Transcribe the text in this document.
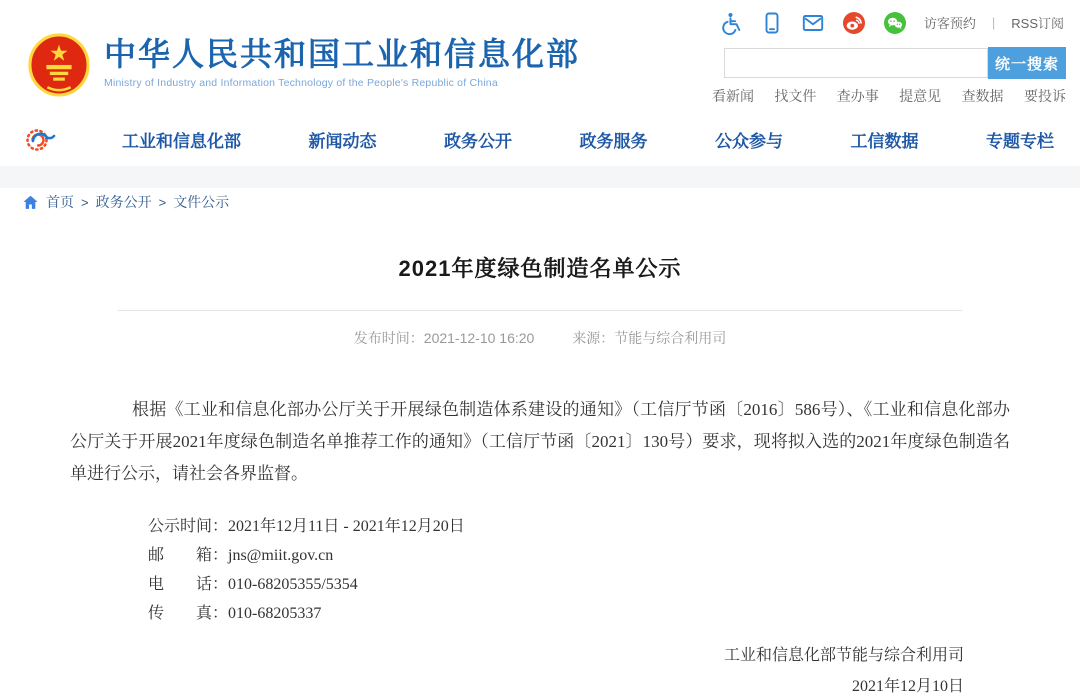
访客预约 | RSS订阅
中华人民共和国工业和信息化部
Ministry of Industry and Information Technology of the People's Republic of China
统一搜索
看新闻 找文件 查办事 提意见 查数据 要投诉
工业和信息化部	新闻动态	政务公开	政务服务	公众参与	工信数据	专题专栏
首页 > 政务公开 > 文件公示
2021年度绿色制造名单公示
发布时间：2021-12-10 16:20	来源：节能与综合利用司
根据《工业和信息化部办公厅关于开展绿色制造体系建设的通知》（工信厅节函〔2016〕586号）、《工业和信息化部办公厅关于开展2021年度绿色制造名单推荐工作的通知》（工信厅节函〔2021〕130号）要求，现将拟入选的2021年度绿色制造名单进行公示，请社会各界监督。
公示时间：2021年12月11日 - 2021年12月20日
邮　　箱：jns@miit.gov.cn
电　　话：010-68205355/5354
传　　真：010-68205337
工业和信息化部节能与综合利用司
2021年12月10日
